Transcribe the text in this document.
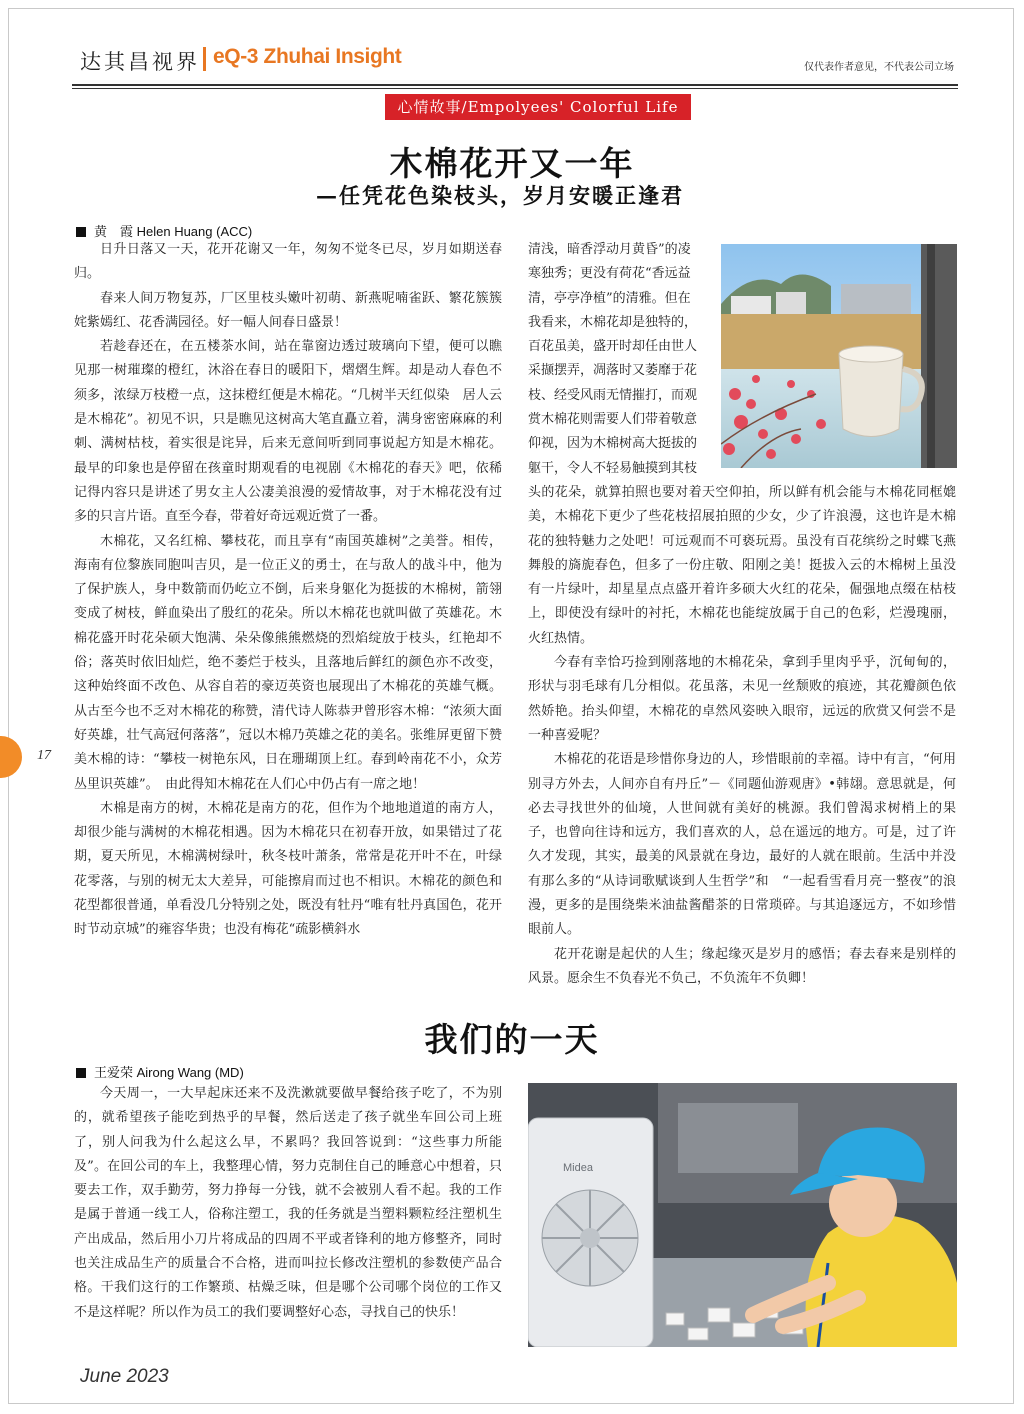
达其昌视界 eQ-3 Zhuhai Insight	仅代表作者意见，不代表公司立场
心情故事/Empolyees' Colorful Life
木棉花开又一年
—任凭花色染枝头，岁月安暖正逢君
黄　霞 Helen Huang (ACC)

日升日落又一天，花开花谢又一年，匆匆不觉冬已尽，岁月如期送春归。

春来人间万物复苏，厂区里枝头嫩叶初萌、新燕呢喃雀跃、繁花簇簇姹紫嫣红、花香满园径。好一幅人间春日盛景！

若趁春还在，在五楼茶水间，站在靠窗边透过玻璃向下望，便可以瞧见那一树璀璨的橙红，沐浴在春日的暖阳下，熠熠生辉。却是动人春色不须多，浓绿万枝橙一点，这抹橙红便是木棉花。“几树半天红似染　居人云是木棉花”。初见不识，只是瞧见这树高大笔直矗立着，满身密密麻麻的利刺、满树枯枝，着实很是诧异，后来无意间听到同事说起方知是木棉花。最早的印象也是停留在孩童时期观看的电视剧《木棉花的春天》吧，依稀记得内容只是讲述了男女主人公凄美浪漫的爱情故事，对于木棉花没有过多的只言片语。直至今春，带着好奇远观近赏了一番。

木棉花，又名红棉、攀枝花，而且享有“南国英雄树”之美誉。相传，海南有位黎族同胞叫吉贝，是一位正义的勇士，在与敌人的战斗中，他为了保护族人，身中数箭而仍屹立不倒，后来身躯化为挺拔的木棉树，箭翎变成了树枝，鲜血染出了殷红的花朵。所以木棉花也就叫做了英雄花。木棉花盛开时花朵硕大饱满、朵朵像熊熊燃烧的烈焰绽放于枝头，红艳却不俗；落英时依旧灿烂，绝不萎烂于枝头，且落地后鲜红的颜色亦不改变，这种始终面不改色、从容自若的豪迈英资也展现出了木棉花的英雄气概。从古至今也不乏对木棉花的称赞，清代诗人陈恭尹曾形容木棉：“浓须大面好英雄，壮气高冠何落落”，冠以木棉乃英雄之花的美名。张维屏更留下赞美木棉的诗：“攀枝一树艳东风，日在珊瑚顶上红。春到岭南花不小，众芳丛里识英雄”。　由此得知木棉花在人们心中仍占有一席之地！

木棉是南方的树，木棉花是南方的花，但作为个地地道道的南方人，却很少能与满树的木棉花相遇。因为木棉花只在初春开放，如果错过了花期，夏天所见，木棉满树绿叶，秋冬枝叶萧条，常常是花开叶不在，叶绿花零落，与别的树无太大差异，可能擦肩而过也不相识。木棉花的颜色和花型都很普通，单看没几分特别之处，既没有牡丹“唯有牡丹真国色，花开时节动京城”的雍容华贵；也没有梅花“疏影横斜水

清浅，暗香浮动月黄昏”的凌
寒独秀；更没有荷花“香远益
清，亭亭净植”的清雅。但在
我看来，木棉花却是独特的，
百花虽美，盛开时却任由世人
采撷摆弄，凋落时又萎靡于花
枝、经受风雨无情摧打，而观
赏木棉花则需要人们带着敬意
仰视，因为木棉树高大挺拔的
躯干，令人不轻易触摸到其枝

头的花朵，就算拍照也要对着天空仰拍，所以鲜有机会能与木棉花同框媲美，木棉花下更少了些花枝招展拍照的少女，少了许浪漫，这也许是木棉花的独特魅力之处吧！可远观而不可亵玩焉。虽没有百花缤纷之时蝶飞燕舞般的旖旎春色，但多了一份庄敬、阳刚之美！挺拔入云的木棉树上虽没有一片绿叶，却星星点点盛开着许多硕大火红的花朵，倔强地点缀在枯枝上，即使没有绿叶的衬托，木棉花也能绽放属于自己的色彩，烂漫瑰丽，火红热情。

今春有幸恰巧捡到刚落地的木棉花朵，拿到手里肉乎乎，沉甸甸的，形状与羽毛球有几分相似。花虽落，未见一丝颓败的痕迹，其花瓣颜色依然娇艳。抬头仰望，木棉花的卓然风姿映入眼帘，远远的欣赏又何尝不是一种喜爱呢？

木棉花的花语是珍惜你身边的人，珍惜眼前的幸福。诗中有言，“何用别寻方外去，人间亦自有丹丘”－《同题仙游观唐》•韩翃。意思就是，何必去寻找世外的仙境，人世间就有美好的桃源。我们曾渴求树梢上的果子，也曾向往诗和远方，我们喜欢的人，总在遥远的地方。可是，过了许久才发现，其实，最美的风景就在身边，最好的人就在眼前。生活中并没有那么多的“从诗词歌赋谈到人生哲学”和　“一起看雪看月亮一整夜”的浪漫，更多的是围绕柴米油盐酱醋茶的日常琐碎。与其追逐远方，不如珍惜眼前人。

花开花谢是起伏的人生；缘起缘灭是岁月的感悟；春去春来是别样的风景。愿余生不负春光不负己，不负流年不负卿！

我们的一天
王爱荣 Airong Wang (MD)

今天周一，一大早起床还来不及洗漱就要做早餐给孩子吃了，不为别的，就希望孩子能吃到热乎的早餐，然后送走了孩子就坐车回公司上班了，别人问我为什么起这么早，不累吗？我回答说到：“这些事力所能及”。在回公司的车上，我整理心情，努力克制住自己的睡意心中想着，只要去工作，双手勤劳，努力挣每一分钱，就不会被别人看不起。我的工作是属于普通一线工人，俗称注塑工，我的任务就是当塑料颗粒经注塑机生产出成品，然后用小刀片将成品的四周不平或者锋利的地方修整齐，同时也关注成品生产的质量合不合格，进而叫拉长修改注塑机的参数使产品合格。干我们这行的工作繁琐、枯燥乏味，但是哪个公司哪个岗位的工作又不是这样呢？所以作为员工的我们要调整好心态，寻找自己的快乐！

Midea
17
June 2023
